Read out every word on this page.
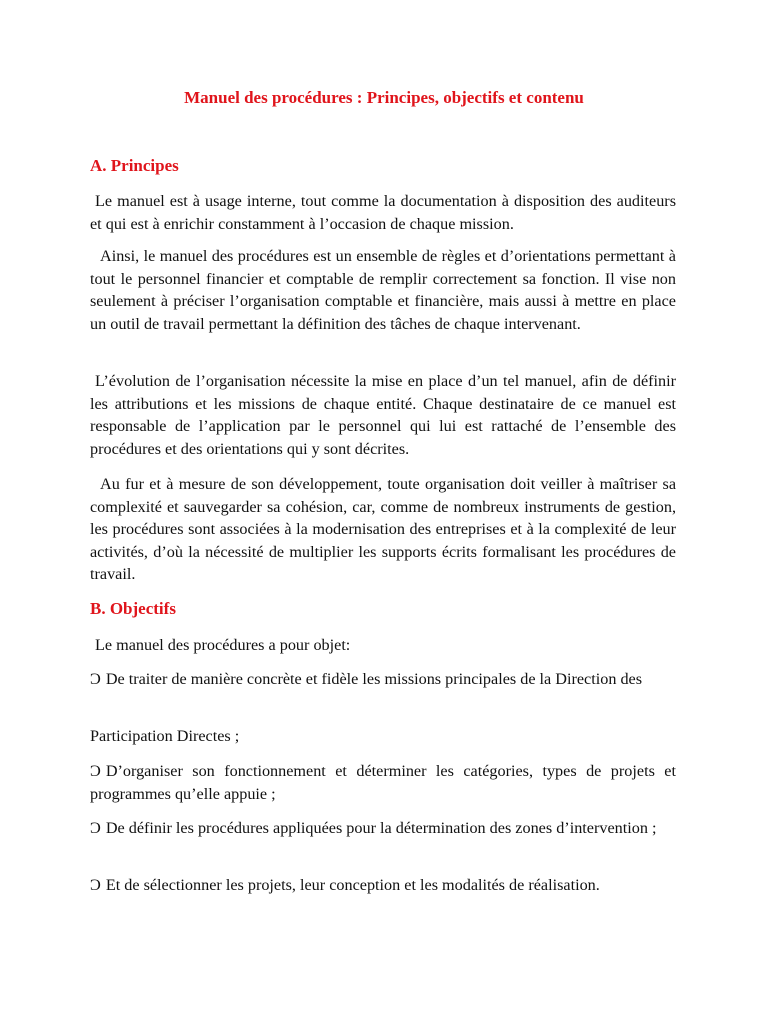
Manuel des procédures : Principes, objectifs et contenu
A. Principes

Le manuel est à usage interne, tout comme la documentation à disposition des auditeurs et qui est à enrichir constamment à l’occasion de chaque mission.

Ainsi, le manuel des procédures est un ensemble de règles et d’orientations permettant à tout le personnel financier et comptable de remplir correctement sa fonction. Il vise non seulement à préciser l’organisation comptable et financière, mais aussi à mettre en place un outil de travail permettant la définition des tâches de chaque intervenant.

L’évolution de l’organisation nécessite la mise en place d’un tel manuel, afin de définir les attributions et les missions de chaque entité. Chaque destinataire de ce manuel est responsable de l’application par le personnel qui lui est rattaché de l’ensemble des procédures et des orientations qui y sont décrites.

Au fur et à mesure de son développement, toute organisation doit veiller à maîtriser sa complexité et sauvegarder sa cohésion, car, comme de nombreux instruments de gestion, les procédures sont associées à la modernisation des entreprises et à la complexité de leur activités, d’où la nécessité de multiplier les supports écrits formalisant les procédures de travail.

B. Objectifs

Le manuel des procédures a pour objet:

Ͻ De traiter de manière concrète et fidèle les missions principales de la Direction des

Participation Directes ;

Ͻ D’organiser son fonctionnement et déterminer les catégories, types de projets et programmes qu’elle appuie ;

Ͻ De définir les procédures appliquées pour la détermination des zones d’intervention ;

Ͻ Et de sélectionner les projets, leur conception et les modalités de réalisation.
